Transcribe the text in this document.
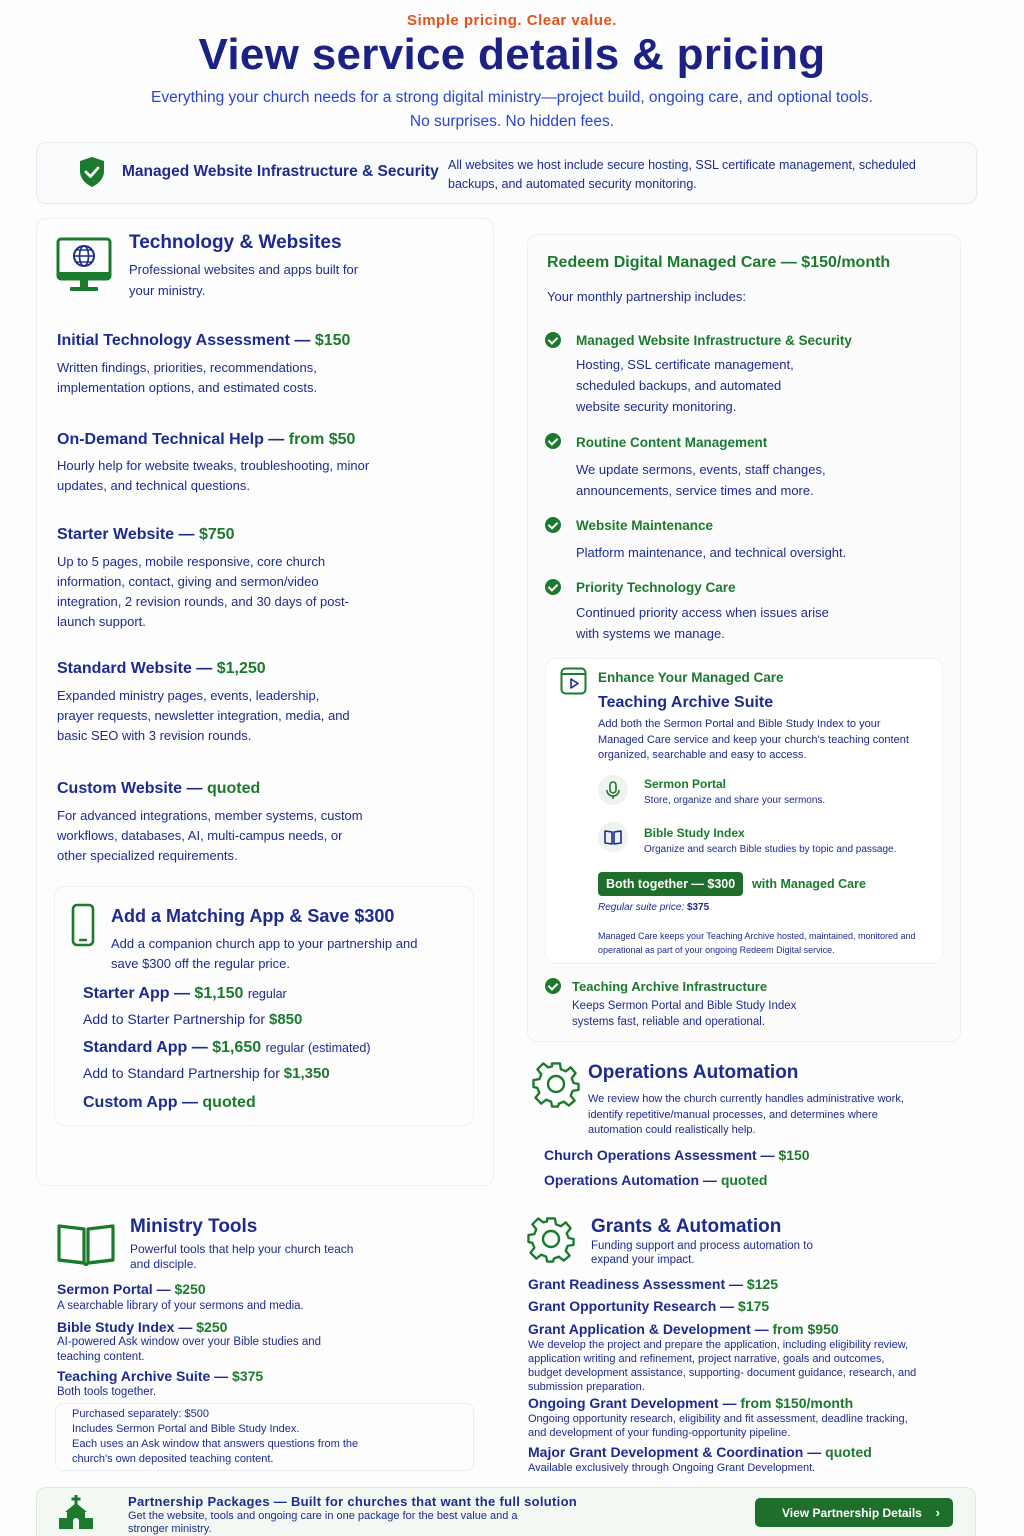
Simple pricing. Clear value.
View service details & pricing

Everything your church needs for a strong digital ministry—project build, ongoing care, and optional tools. No surprises. No hidden fees.

Managed Website Infrastructure & Security All websites we host include secure hosting, SSL certificate management, scheduled backups, and automated security monitoring.
Technology & Websites

Professional websites and apps built for your ministry.

Initial Technology Assessment — $150

Written findings, priorities, recommendations, implementation options, and estimated costs.

On-Demand Technical Help — from $50

Hourly help for website tweaks, troubleshooting, minor updates, and technical questions.

Starter Website — $750

Up to 5 pages, mobile responsive, core church information, contact, giving and sermon/video integration, 2 revision rounds, and 30 days of post-launch support.

Standard Website — $1,250

Expanded ministry pages, events, leadership, prayer requests, newsletter integration, media, and basic SEO with 3 revision rounds.

Custom Website — quoted

For advanced integrations, member systems, custom workflows, databases, AI, multi-campus needs, or other specialized requirements.

Add a Matching App & Save $300

Add a companion church app to your partnership and save $300 off the regular price.

Starter App — $1,150 regular
Add to Starter Partnership for $850
Standard App — $1,650 regular (estimated)
Add to Standard Partnership for $1,350
Custom App — quoted
Redeem Digital Managed Care — $150/month
Your monthly partnership includes:
Managed Website Infrastructure & Security

Hosting, SSL certificate management, scheduled backups, and automated website security monitoring.

Routine Content Management

We update sermons, events, staff changes, announcements, service times and more.

Website Maintenance

Platform maintenance, and technical oversight.

Priority Technology Care

Continued priority access when issues arise with systems we manage.

Enhance Your Managed Care
Teaching Archive Suite

Add both the Sermon Portal and Bible Study Index to your Managed Care service and keep your church's teaching content organized, searchable and easy to access.

Sermon Portal
Store, organize and share your sermons.
Bible Study Index
Organize and search Bible studies by topic and passage.
Both together — $300	with Managed Care
Regular suite price: $375

Managed Care keeps your Teaching Archive hosted, maintained, monitored and operational as part of your ongoing Redeem Digital service.

Teaching Archive Infrastructure

Keeps Sermon Portal and Bible Study Index systems fast, reliable and operational.

Operations Automation

We review how the church currently handles administrative work, identify repetitive/manual processes, and determines where automation could realistically help.

Church Operations Assessment — $150
Operations Automation — quoted
Ministry Tools

Powerful tools that help your church teach and disciple.

Sermon Portal — $250

A searchable library of your sermons and media.

Bible Study Index — $250

AI-powered Ask window over your Bible studies and teaching content.

Teaching Archive Suite — $375

Both tools together.

Purchased separately: $500
Includes Sermon Portal and Bible Study Index.
Each uses an Ask window that answers questions from the church's own deposited teaching content.
Grants & Automation

Funding support and process automation to expand your impact.

Grant Readiness Assessment — $125
Grant Opportunity Research — $175
Grant Application & Development — from $950

We develop the project and prepare the application, including eligibility review, application writing and refinement, project narrative, goals and outcomes, budget development assistance, supporting- document guidance, research, and submission preparation.

Ongoing Grant Development — from $150/month

Ongoing opportunity research, eligibility and fit assessment, deadline tracking, and development of your funding-opportunity pipeline.

Major Grant Development & Coordination — quoted

Available exclusively through Ongoing Grant Development.

Partnership Packages — Built for churches that want the full solution

Get the website, tools and ongoing care in one package for the best value and a stronger ministry.

View Partnership Details ›
